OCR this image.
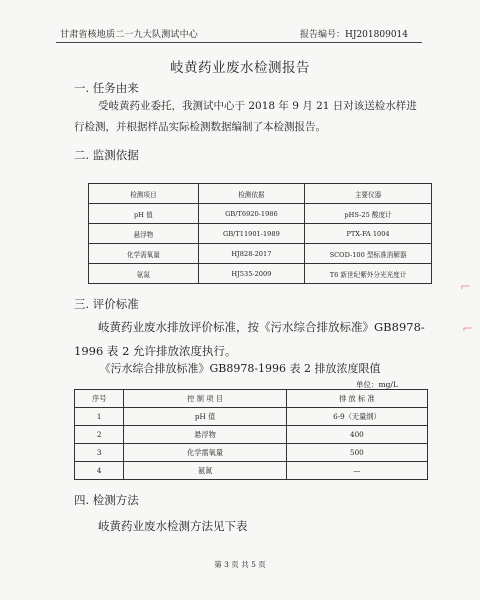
甘肃省核地质二一九大队测试中心	报告编号：HJ201809014
岐黄药业废水检测报告
一. 任务由来
受岐黄药业委托，我测试中心于 2018 年 9 月 21 日对该送检水样进行检测，并根据样品实际检测数据编制了本检测报告。
二. 监测依据
检测项目	检测依据	主要仪器
pH 值	GB/T6920-1986	pHS-25 酸度计
悬浮物	GB/T11901-1989	PTX-FA 1004
化学需氧量	HJ828-2017	SCOD-100 型标准消解器
氨氮	HJ535-2009	T6 新世纪紫外分光光度计
三. 评价标准
岐黄药业废水排放评价标准，按《污水综合排放标准》GB8978-1996 表 2 允许排放浓度执行。
《污水综合排放标准》GB8978-1996 表 2 排放浓度限值
单位：mg/L
序号	控 制 项 目	排 放 标 准
1	pH 值	6-9（无量纲）
2	悬浮物	400
3	化学需氧量	500
4	氨氮	—
四. 检测方法
岐黄药业废水检测方法见下表
第 3 页 共 5 页
⌐
⌐
